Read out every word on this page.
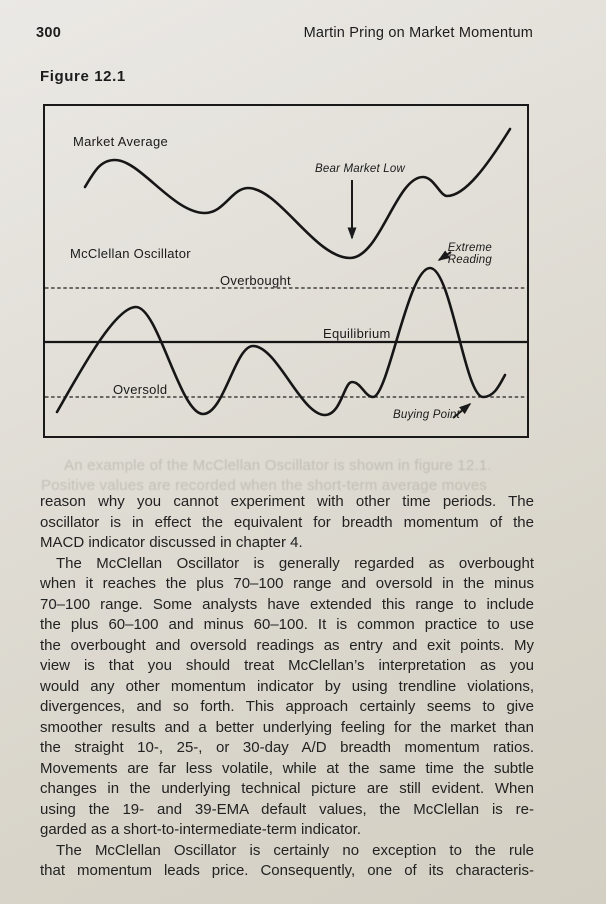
300	Martin Pring on Market Momentum
Figure 12.1
Market Average
McClellan Oscillator
Overbought
Equilibrium
Oversold
Bear Market Low
Extreme
Reading
Buying Point
An example of the McClellan Oscillator is shown in figure 12.1.
Positive values are recorded when the short-term average moves
reason why you cannot experiment with other time periods. The
oscillator is in effect the equivalent for breadth momentum of the
MACD indicator discussed in chapter 4.
The McClellan Oscillator is generally regarded as overbought
when it reaches the plus 70–100 range and oversold in the minus
70–100 range. Some analysts have extended this range to include
the plus 60–100 and minus 60–100. It is common practice to use
the overbought and oversold readings as entry and exit points. My
view is that you should treat McClellan’s interpretation as you
would any other momentum indicator by using trendline violations,
divergences, and so forth. This approach certainly seems to give
smoother results and a better underlying feeling for the market than
the straight 10-, 25-, or 30-day A/D breadth momentum ratios.
Movements are far less volatile, while at the same time the subtle
changes in the underlying technical picture are still evident. When
using the 19- and 39-EMA default values, the McClellan is re-
garded as a short-to-intermediate-term indicator.
The McClellan Oscillator is certainly no exception to the rule
that momentum leads price. Consequently, one of its characteris-
